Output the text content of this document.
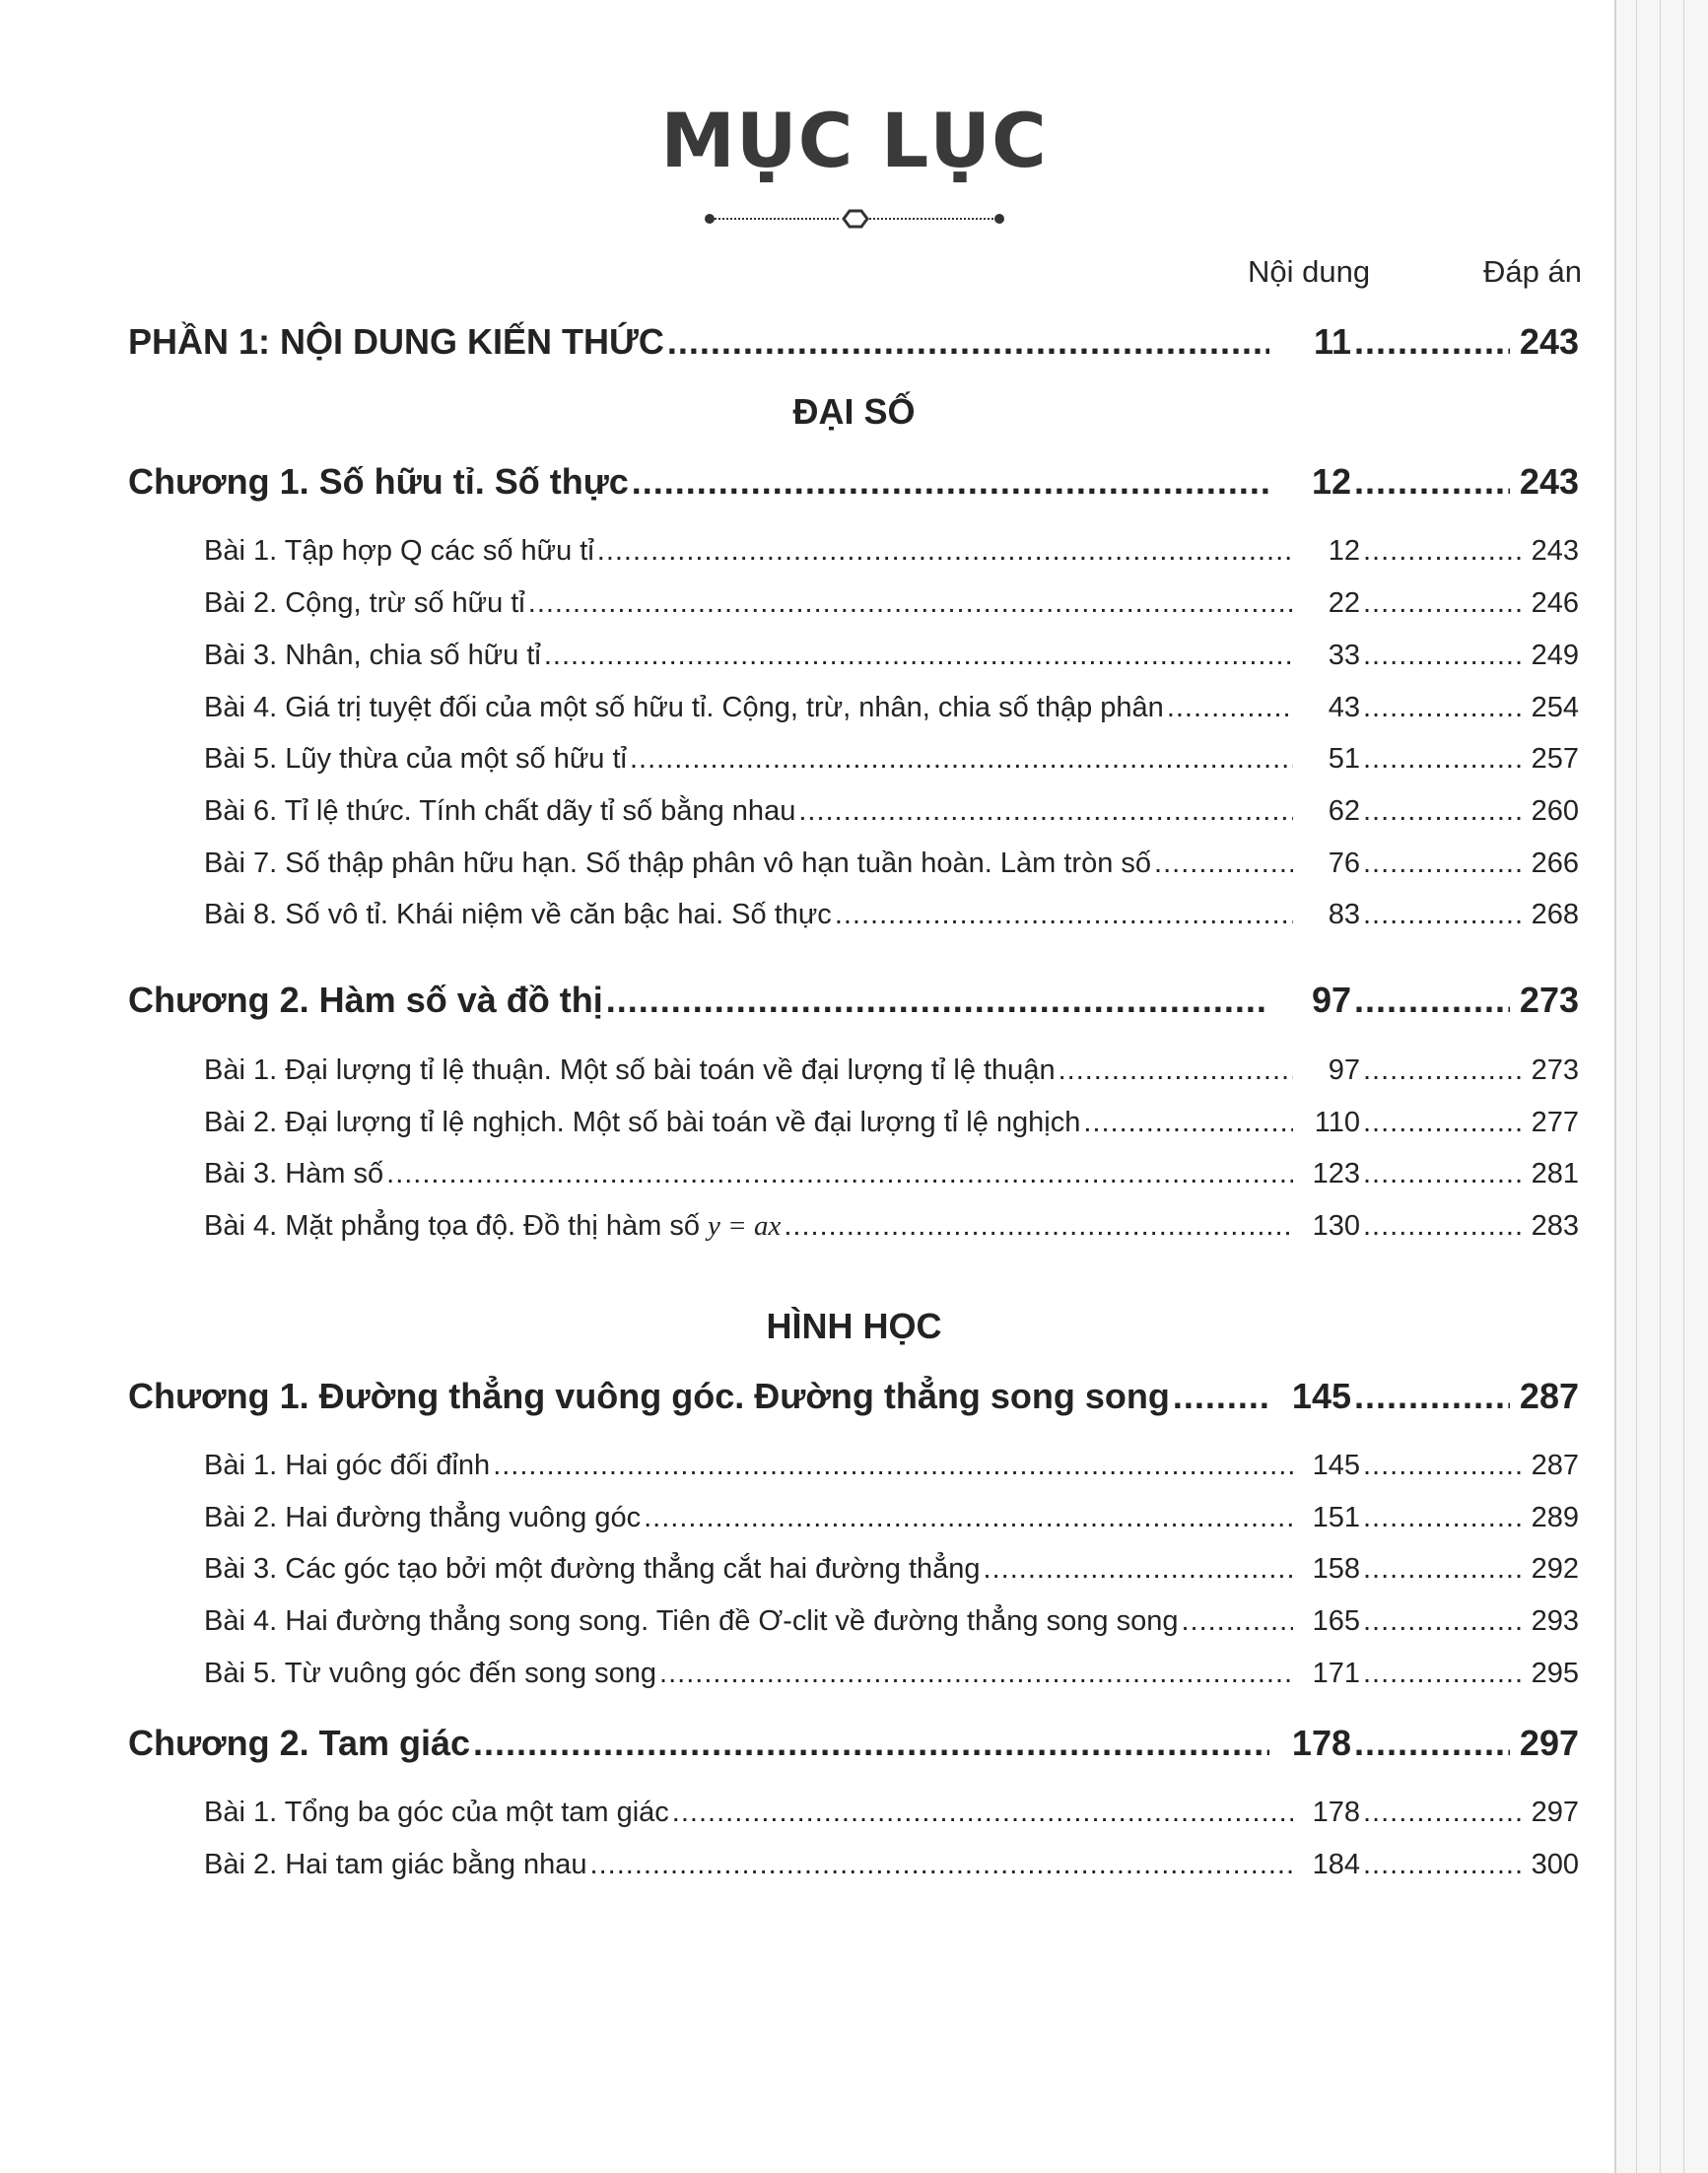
MỤC LỤC
Nội dung	Đáp án
PHẦN 1: NỘI DUNG KIẾN THỨC .....	11 .....	243
ĐẠI SỐ
Chương 1. Số hữu tỉ. Số thực .....	12 .....	243
Bài 1. Tập hợp Q các số hữu tỉ .....	12 .....	243
Bài 2. Cộng, trừ số hữu tỉ .....	22 .....	246
Bài 3. Nhân, chia số hữu tỉ .....	33 .....	249
Bài 4. Giá trị tuyệt đối của một số hữu tỉ. Cộng, trừ, nhân, chia số thập phân .....	43 .....	254
Bài 5. Lũy thừa của một số hữu tỉ .....	51 .....	257
Bài 6. Tỉ lệ thức. Tính chất dãy tỉ số bằng nhau .....	62 .....	260
Bài 7. Số thập phân hữu hạn. Số thập phân vô hạn tuần hoàn. Làm tròn số .....	76 .....	266
Bài 8. Số vô tỉ. Khái niệm về căn bậc hai. Số thực .....	83 .....	268
Chương 2. Hàm số và đồ thị .....	97 .....	273
Bài 1. Đại lượng tỉ lệ thuận. Một số bài toán về đại lượng tỉ lệ thuận .....	97 .....	273
Bài 2. Đại lượng tỉ lệ nghịch. Một số bài toán về đại lượng tỉ lệ nghịch .....	110 .....	277
Bài 3. Hàm số .....	123 .....	281
Bài 4. Mặt phẳng tọa độ. Đồ thị hàm số y = ax .....	130 .....	283
HÌNH HỌC
Chương 1. Đường thẳng vuông góc. Đường thẳng song song .....	145 .....	287
Bài 1. Hai góc đối đỉnh .....	145 .....	287
Bài 2. Hai đường thẳng vuông góc .....	151 .....	289
Bài 3. Các góc tạo bởi một đường thẳng cắt hai đường thẳng .....	158 .....	292
Bài 4. Hai đường thẳng song song. Tiên đề Ơ-clit về đường thẳng song song .....	165 .....	293
Bài 5. Từ vuông góc đến song song .....	171 .....	295
Chương 2. Tam giác .....	178 .....	297
Bài 1. Tổng ba góc của một tam giác .....	178 .....	297
Bài 2. Hai tam giác bằng nhau .....	184 .....	300
